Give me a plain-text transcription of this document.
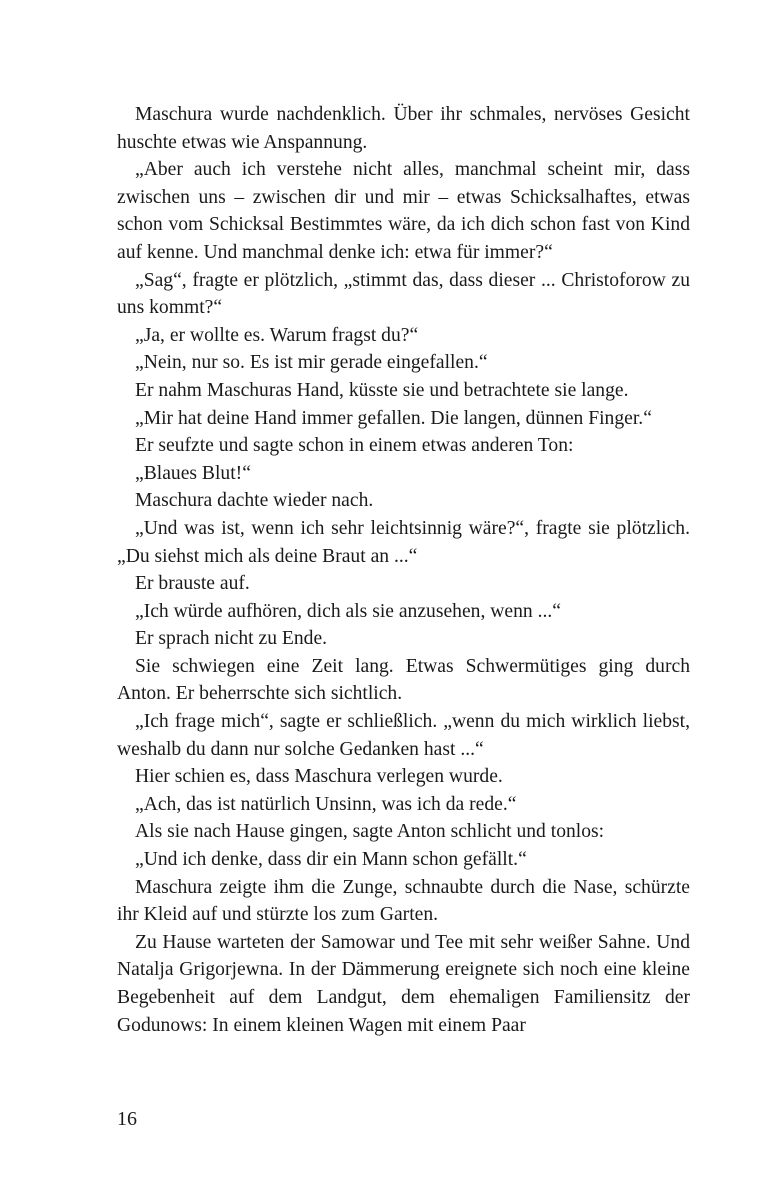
Maschura wurde nachdenklich. Über ihr schmales, nervöses Gesicht huschte etwas wie Anspannung.

„Aber auch ich verstehe nicht alles, manchmal scheint mir, dass zwischen uns – zwischen dir und mir – etwas Schicksalhaftes, etwas schon vom Schicksal Bestimmtes wäre, da ich dich schon fast von Kind auf kenne. Und manchmal denke ich: etwa für immer?“

„Sag“, fragte er plötzlich, „stimmt das, dass dieser ... Christoforow zu uns kommt?“

„Ja, er wollte es. Warum fragst du?“

„Nein, nur so. Es ist mir gerade eingefallen.“

Er nahm Maschuras Hand, küsste sie und betrachtete sie lange.

„Mir hat deine Hand immer gefallen. Die langen, dünnen Finger.“

Er seufzte und sagte schon in einem etwas anderen Ton:

„Blaues Blut!“

Maschura dachte wieder nach.

„Und was ist, wenn ich sehr leichtsinnig wäre?“, fragte sie plötzlich. „Du siehst mich als deine Braut an ...“

Er brauste auf.

„Ich würde aufhören, dich als sie anzusehen, wenn ...“

Er sprach nicht zu Ende.

Sie schwiegen eine Zeit lang. Etwas Schwermütiges ging durch Anton. Er beherrschte sich sichtlich.

„Ich frage mich“, sagte er schließlich. „wenn du mich wirklich liebst, weshalb du dann nur solche Gedanken hast ...“

Hier schien es, dass Maschura verlegen wurde.

„Ach, das ist natürlich Unsinn, was ich da rede.“

Als sie nach Hause gingen, sagte Anton schlicht und tonlos:

„Und ich denke, dass dir ein Mann schon gefällt.“

Maschura zeigte ihm die Zunge, schnaubte durch die Nase, schürzte ihr Kleid auf und stürzte los zum Garten.

Zu Hause warteten der Samowar und Tee mit sehr weißer Sahne. Und Natalja Grigorjewna. In der Dämmerung ereignete sich noch eine kleine Begebenheit auf dem Landgut, dem ehemaligen Familiensitz der Godunows: In einem kleinen Wagen mit einem Paar

16
